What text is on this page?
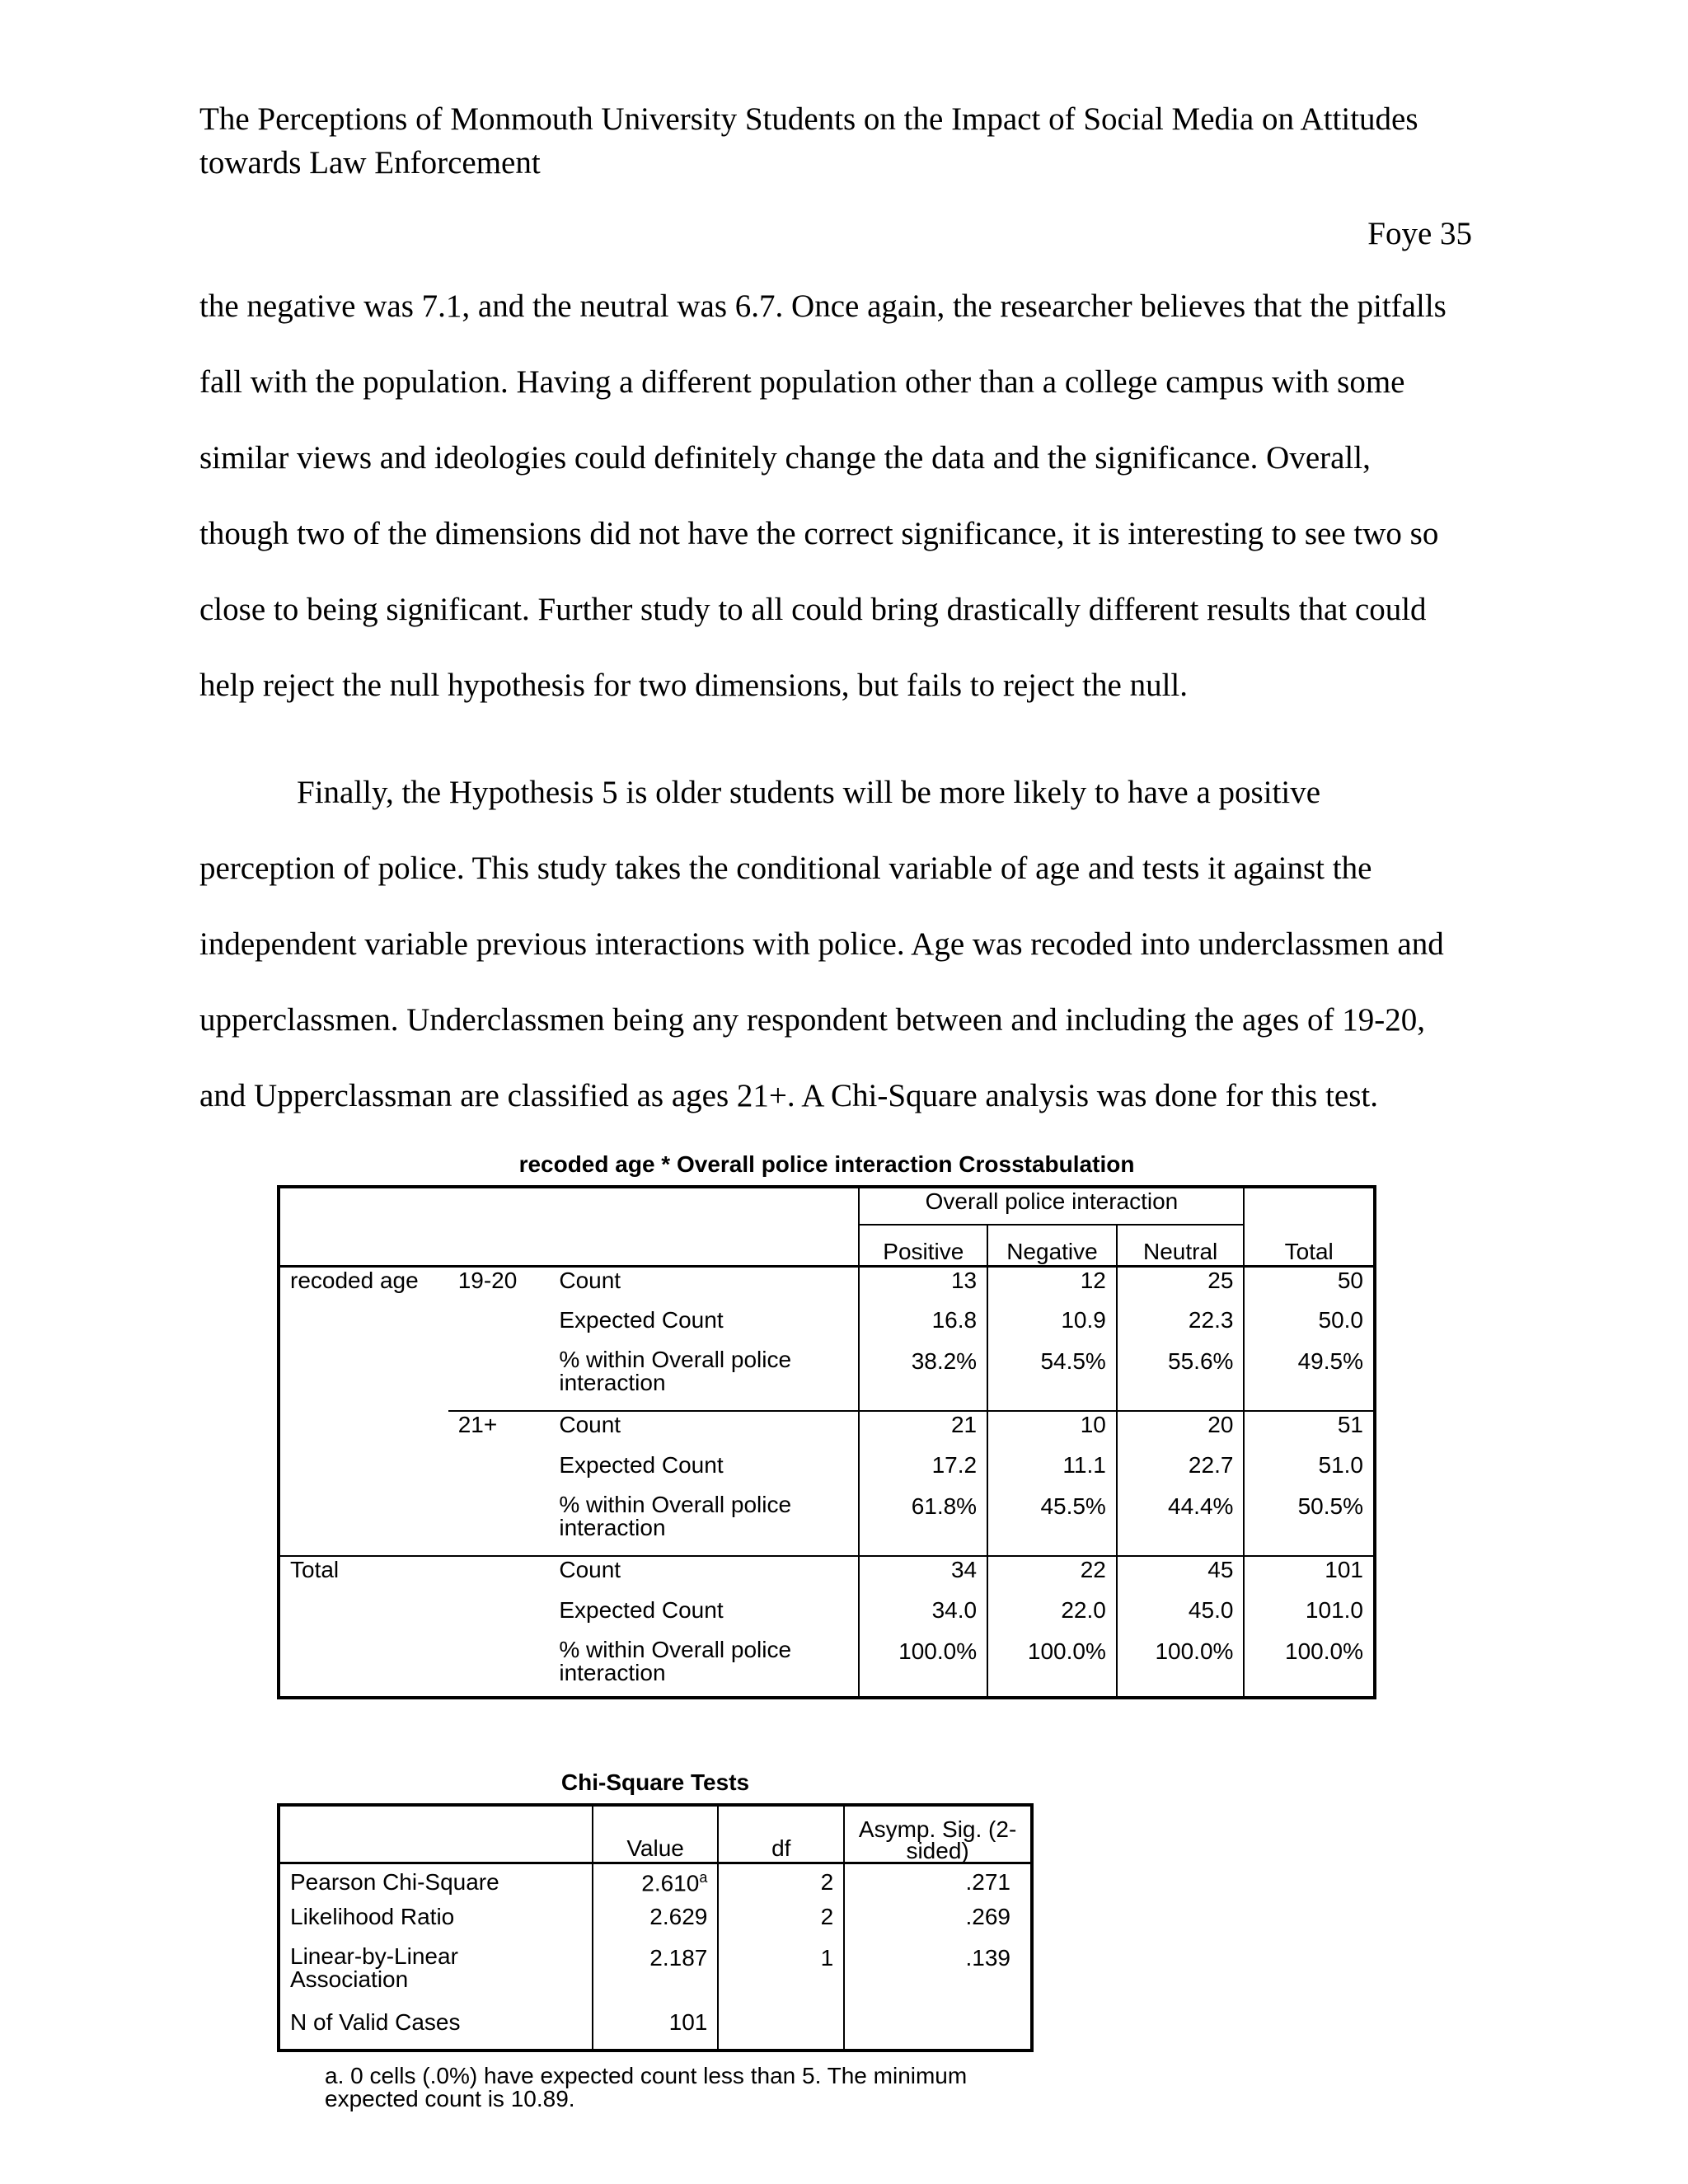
The Perceptions of Monmouth University Students on the Impact of Social Media on Attitudes towards Law Enforcement
Foye 35
the negative was 7.1, and the neutral was 6.7. Once again, the researcher believes that the pitfalls
fall with the population. Having a different population other than a college campus with some
similar views and ideologies could definitely change the data and the significance. Overall,
though two of the dimensions did not have the correct significance, it is interesting to see two so
close to being significant. Further study to all could bring drastically different results that could
help reject the null hypothesis for two dimensions, but fails to reject the null.
Finally, the Hypothesis 5 is older students will be more likely to have a positive
perception of police. This study takes the conditional variable of age and tests it against the
independent variable previous interactions with police. Age was recoded into underclassmen and
upperclassmen. Underclassmen being any respondent between and including the ages of 19-20,
and Upperclassman are classified as ages 21+. A Chi-Square analysis was done for this test.
recoded age * Overall police interaction Crosstabulation
			Overall police interaction			Total
			Positive	Negative	Neutral	
recoded age	19-20	Count	13	12	25	50
		Expected Count	16.8	10.9	22.3	50.0
		% within Overall police interaction	38.2%	54.5%	55.6%	49.5%
	21+	Count	21	10	20	51
		Expected Count	17.2	11.1	22.7	51.0
		% within Overall police interaction	61.8%	45.5%	44.4%	50.5%
Total		Count	34	22	45	101
		Expected Count	34.0	22.0	45.0	101.0
		% within Overall police interaction	100.0%	100.0%	100.0%	100.0%
Chi-Square Tests
	Value	df	Asymp. Sig. (2-sided)
Pearson Chi-Square	2.610$^a$	2	.271
Likelihood Ratio	2.629	2	.269
Linear-by-Linear Association	2.187	1	.139
N of Valid Cases	101		
a. 0 cells (.0%) have expected count less than 5. The minimum expected count is 10.89.
